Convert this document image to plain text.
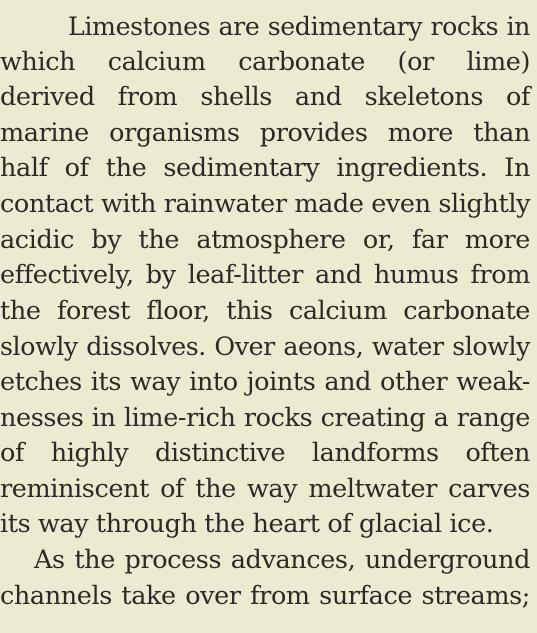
Limestones are sedimentary rocks in
which calcium carbonate (or lime)
derived from shells and skeletons of
marine organisms provides more than
half of the sedimentary ingredients. In
contact with rainwater made even slightly
acidic by the atmosphere or, far more
effectively, by leaf-litter and humus from
the forest floor, this calcium carbonate
slowly dissolves. Over aeons, water slowly
etches its way into joints and other weak-
nesses in lime-rich rocks creating a range
of highly distinctive landforms often
reminiscent of the way meltwater carves
its way through the heart of glacial ice.
As the process advances, underground
channels take over from surface streams;
